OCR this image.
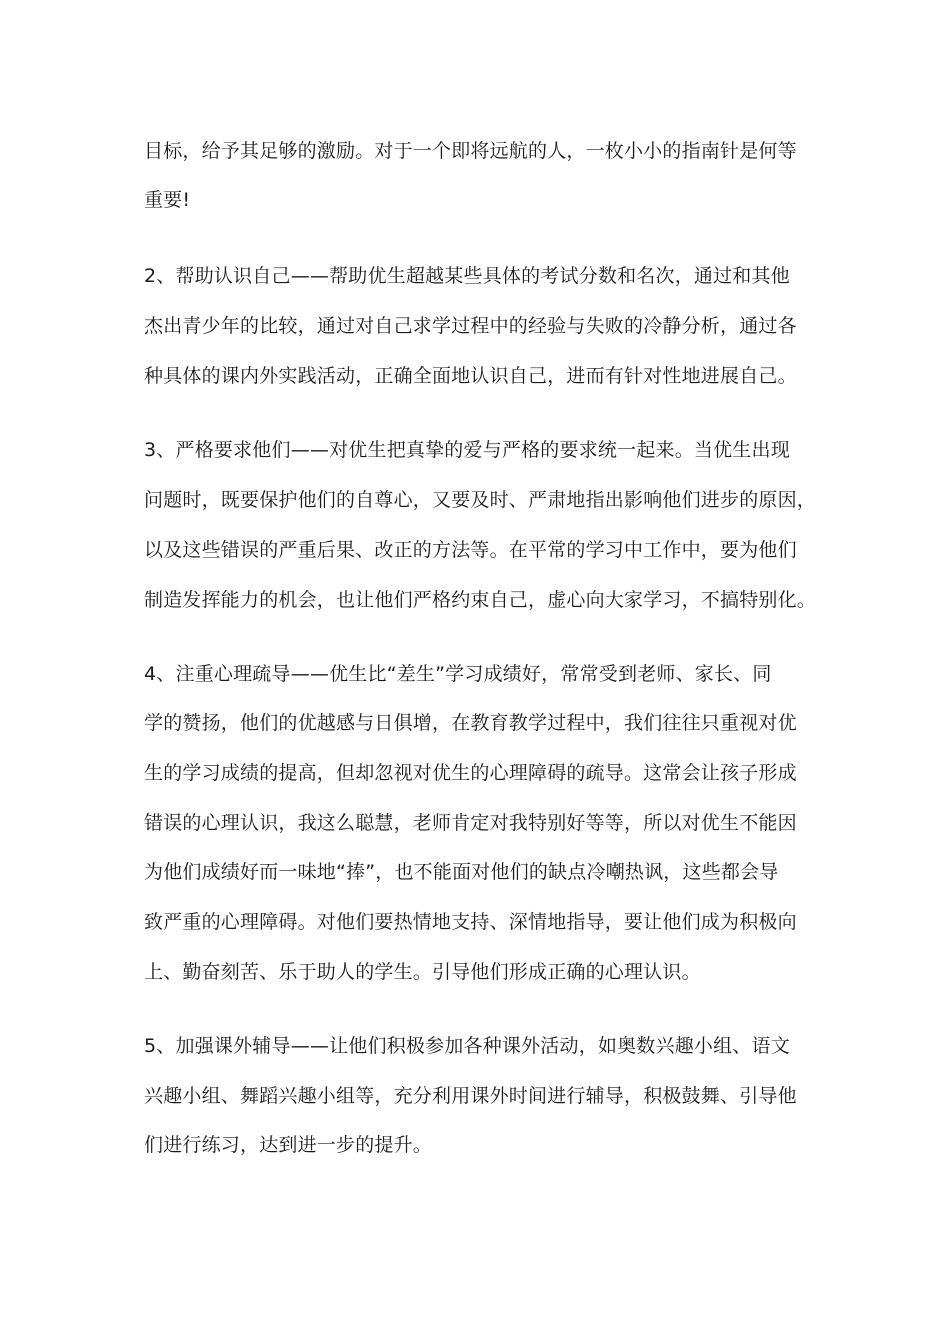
目标，给予其足够的激励。对于一个即将远航的人，一枚小小的指南针是何等
重要!
2、帮助认识自己——帮助优生超越某些具体的考试分数和名次，通过和其他
杰出青少年的比较，通过对自己求学过程中的经验与失败的冷静分析，通过各
种具体的课内外实践活动，正确全面地认识自己，进而有针对性地进展自己。
3、严格要求他们——对优生把真挚的爱与严格的要求统一起来。当优生出现
问题时，既要保护他们的自尊心，又要及时、严肃地指出影响他们进步的原因，
以及这些错误的严重后果、改正的方法等。在平常的学习中工作中，要为他们
制造发挥能力的机会，也让他们严格约束自己，虚心向大家学习，不搞特别化。
4、注重心理疏导——优生比“差生”学习成绩好，常常受到老师、家长、同
学的赞扬，他们的优越感与日俱增，在教育教学过程中，我们往往只重视对优
生的学习成绩的提高，但却忽视对优生的心理障碍的疏导。这常会让孩子形成
错误的心理认识，我这么聪慧，老师肯定对我特别好等等，所以对优生不能因
为他们成绩好而一味地“捧”，也不能面对他们的缺点冷嘲热讽，这些都会导
致严重的心理障碍。对他们要热情地支持、深情地指导，要让他们成为积极向
上、勤奋刻苦、乐于助人的学生。引导他们形成正确的心理认识。
5、加强课外辅导——让他们积极参加各种课外活动，如奥数兴趣小组、语文
兴趣小组、舞蹈兴趣小组等，充分利用课外时间进行辅导，积极鼓舞、引导他
们进行练习，达到进一步的提升。
